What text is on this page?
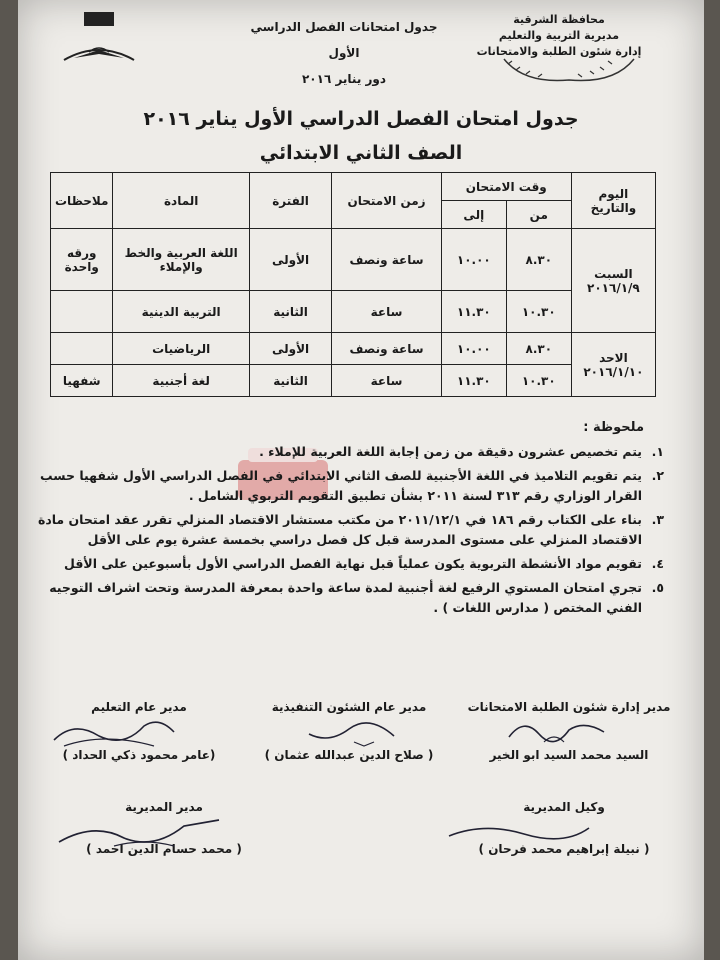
محافظة الشرقية
مديرية التربية والتعليم
إدارة شئون الطلبة والامتحانات
جدول امتحانات الفصل الدراسي الأول
دور يناير ٢٠١٦
جدول امتحان الفصل الدراسي الأول يناير ٢٠١٦
الصف الثاني الابتدائي
اليوم والتاريخ	وقت الامتحان		زمن الامتحان	الفترة	المادة	ملاحظات
	من	إلى				

السبت
٢٠١٦/١/٩	٨.٣٠	١٠.٠٠	ساعة ونصف	الأولى	اللغة العربية والخط والإملاء	ورقه واحدة
	١٠.٣٠	١١.٣٠	ساعة	الثانية	التربية الدينية	

الاحد
٢٠١٦/١/١٠	٨.٣٠	١٠.٠٠	ساعة ونصف	الأولى	الرياضيات	
	١٠.٣٠	١١.٣٠	ساعة	الثانية	لغة أجنبية	شفهيا
ملحوظة :
١.
يتم تخصيص عشرون دقيقة من زمن إجابة اللغة العربية للإملاء .
٢.
يتم تقويم التلاميذ في اللغة الأجنبية للصف الثاني الابتدائي في الفصل الدراسي الأول شفهيا حسب القرار الوزاري رقم ٣١٣ لسنة ٢٠١١ بشأن تطبيق التقويم التربوي الشامل .
٣.
بناء على الكتاب رقم ١٨٦ في ٢٠١١/١٢/١ من مكتب مستشار الاقتصاد المنزلي تقرر عقد امتحان مادة الاقتصاد المنزلي على مستوى المدرسة قبل كل فصل دراسي بخمسة عشرة يوم على الأقل
٤.
تقويم مواد الأنشطة التربوية يكون عملياً قبل نهاية الفصل الدراسي الأول بأسبوعين على الأقل
٥.
تجري امتحان المستوي الرفيع لغة أجنبية لمدة ساعة واحدة بمعرفة المدرسة وتحت اشراف التوجيه الفني المختص ( مدارس اللغات ) .
مدير إدارة شئون الطلبة الامتحانات
السيد محمد السيد ابو الخير
مدير عام الشئون التنفيذية
( صلاح الدين عبدالله عثمان )
مدير عام التعليم
(عامر محمود ذكي الحداد )
وكيل المديرية
( نبيلة إبراهيم محمد فرحان )
مدير المديرية
( محمد حسام الدين احمد )
